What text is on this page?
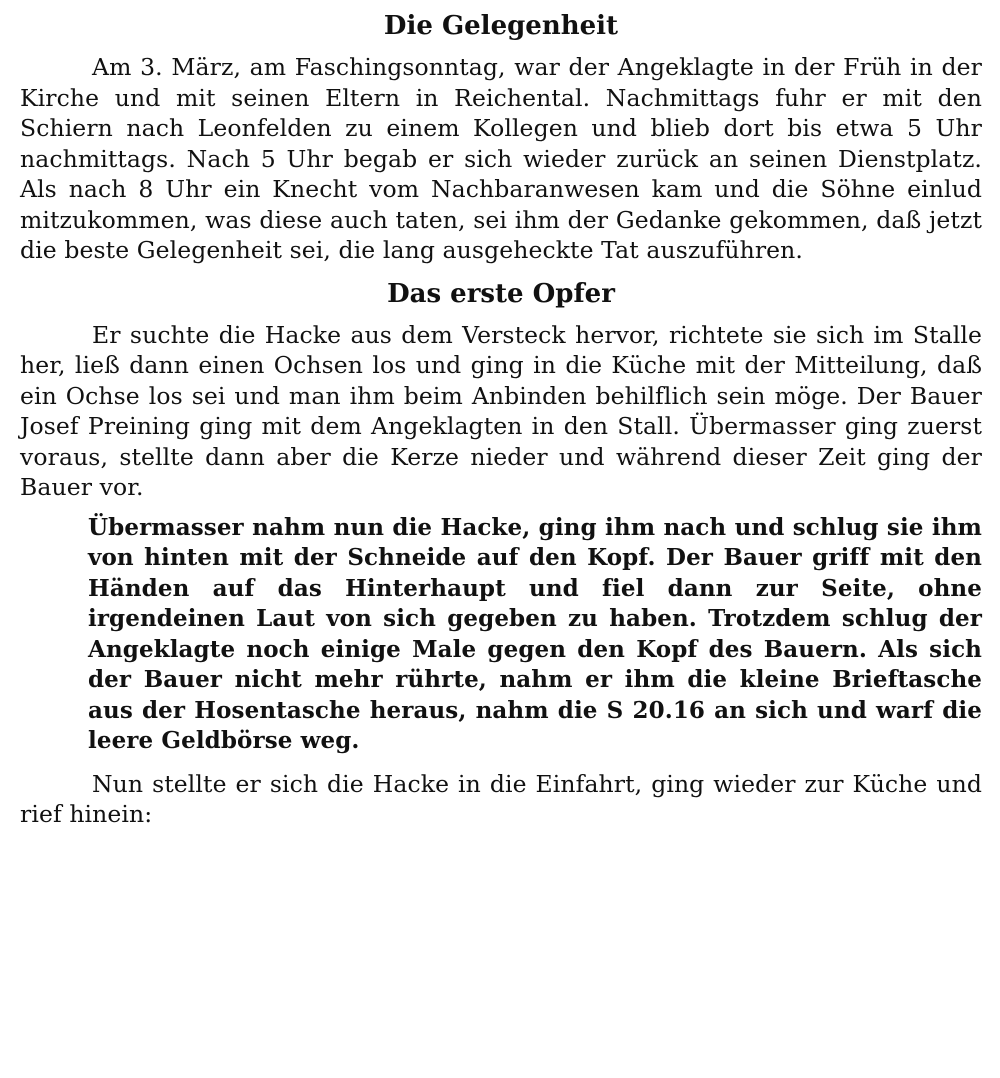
Die Gelegenheit

Am 3. März, am Faschingsonntag, war der Angeklagte in der Früh in der Kirche und mit seinen Eltern in Reichental. Nachmittags fuhr er mit den Schiern nach Leonfelden zu einem Kollegen und blieb dort bis etwa 5 Uhr nachmittags. Nach 5 Uhr begab er sich wieder zurück an seinen Dienstplatz. Als nach 8 Uhr ein Knecht vom Nachbaranwesen kam und die Söhne einlud mitzukommen, was diese auch taten, sei ihm der Gedanke gekommen, daß jetzt die beste Gelegenheit sei, die lang ausgeheckte Tat auszuführen.

Das erste Opfer

Er suchte die Hacke aus dem Versteck hervor, richtete sie sich im Stalle her, ließ dann einen Ochsen los und ging in die Küche mit der Mitteilung, daß ein Ochse los sei und man ihm beim Anbinden behilflich sein möge. Der Bauer Josef Preining ging mit dem Angeklagten in den Stall. Übermasser ging zuerst voraus, stellte dann aber die Kerze nieder und während dieser Zeit ging der Bauer vor.

Übermasser nahm nun die Hacke, ging ihm nach und schlug sie ihm von hinten mit der Schneide auf den Kopf. Der Bauer griff mit den Händen auf das Hinterhaupt und fiel dann zur Seite, ohne irgendeinen Laut von sich gegeben zu haben. Trotzdem schlug der Angeklagte noch einige Male gegen den Kopf des Bauern. Als sich der Bauer nicht mehr rührte, nahm er ihm die kleine Brieftasche aus der Hosentasche heraus, nahm die S 20.16 an sich und warf die leere Geldbörse weg.

Nun stellte er sich die Hacke in die Einfahrt, ging wieder zur Küche und rief hinein:
